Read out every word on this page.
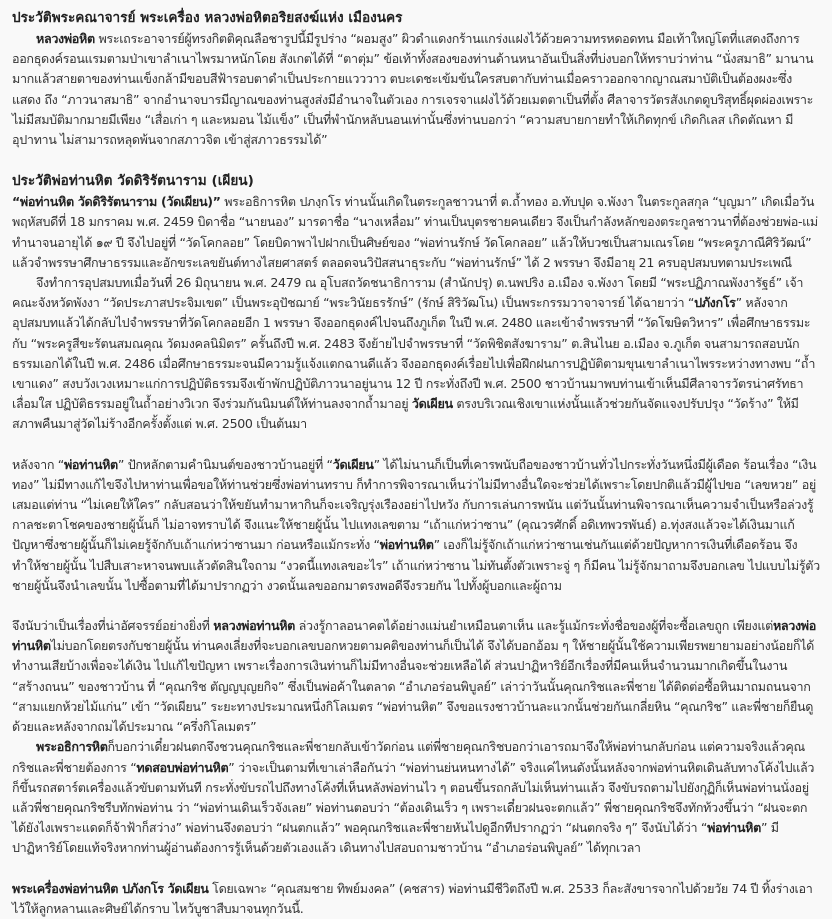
ประวัติพระคณาจารย์ พระเครื่อง หลวงพ่อหิตอริยสงฆ์แห่ง เมืองนคร

หลวงพ่อหิต พระเถระอาจารย์ผู้ทรงกิตติคุณลือชารูปนี้มีรูปร่าง “ผอมสูง” ผิวดำแดงกร้านแกร่งแฝงไว้ด้วยความทรหดอดทน มือเท้าใหญ่โตที่แสดงถึงการออกธุดงค์รอนแรมตามป่าเขาลำเนาไพรมาหนักโดย สังเกตได้ที่ “ตาตุ่ม” ข้อเท้าทั้งสองของท่านด้านหนาอันเป็นสิ่งที่บ่งบอกให้ทราบว่าท่าน “นั่งสมาธิ” มานานมากแล้วสายตาของท่านแข็งกล้ามีขอบสีฟ้ารอบตาดำเป็นประกายแวววาว ตบะเดชะเข้มข้นใครสบตากับท่านเมื่อคราวออกจากญาณสมาบัติเป็นต้องผงะซึ่งแสดง ถึง “ภาวนาสมาธิ” จากอำนาจบารมีญาณของท่านสูงส่งมีอำนาจในตัวเอง การเจรจาแฝงไว้ด้วยเมตตาเป็นที่ตั้ง ศีลาจารวัตรสังเกตดูบริสุทธิ์ผุดผ่องเพราะไม่มีสมบัติมากมายมีเพียง “เสื่อเก่า ๆ และหมอน ไม้แข็ง” เป็นที่พำนักหลับนอนเท่านั้นซึ่งท่านบอกว่า “ความสบายกายทำให้เกิดทุกข์ เกิดกิเลส เกิดตัณหา มีอุปาทาน ไม่สามารถหลุดพ้นจากสภาวจิต เข้าสู่สภาวธรรมได้”

ประวัติพ่อท่านหิต วัดดิริรัตนาราม (เผียน)

“พ่อท่านหิต วัดดิริรัตนาราม (วัดเผียน)” พระอธิการหิต ปภงฺกโร ท่านนั้นเกิดในตระกูลชาวนาที่ ต.ถ้ำทอง อ.ทับปุด จ.พังงา ในตระกูลสกุล “บุญมา” เกิดเมื่อวันพฤหัสบดีที่ 18 มกราคม พ.ศ. 2459 บิดาชื่อ “นายนอง” มารดาชื่อ “นางเหลื่อม” ท่านเป็นบุตรชายคนเดียว จึงเป็นกำลังหลักของตระกูลชาวนาที่ต้องช่วยพ่อ-แม่ทำนาจนอายุได้ ๑๙ ปี จึงไปอยู่ที่ “วัดโคกลอย” โดยบิดาพาไปฝากเป็นศิษย์ของ “พ่อท่านรักษ์ วัดโคกลอย” แล้วให้บวชเป็นสามเณรโดย “พระครูภาณีศิริวัฒน์” แล้วจำพรรษาศึกษาธรรมและอักขระเลขยันต์ทางไสยศาสตร์ ตลอดจนวิปัสสนาธุระกับ “พ่อท่านรักษ์” ได้ 2 พรรษา จึงมีอายุ 21 ครบอุปสมบทตามประเพณี

จึงทำการอุปสมบทเมื่อวันที่ 26 มิถุนายน พ.ศ. 2479 ณ อุโบสถวัดชนาธิการาม (สำนักปรุ) ต.นพปริง อ.เมือง จ.พังงา โดยมี “พระปฏิภาณพังงารัฐธ์” เจ้าคณะจังหวัดพังงา “วัดประภาสประจิมเขต” เป็นพระอุปัชฌาย์ “พระวินัยธรรักษ์” (รักษ์ สิริวัฒโน) เป็นพระกรรมวาจาจารย์ ได้ฉายาว่า “ปภังกโร” หลังจากอุปสมบทแล้วได้กลับไปจำพรรษาที่วัดโคกลอยอีก 1 พรรษา จึงออกธุดงค์ไปจนถึงภูเก็ต ในปี พ.ศ. 2480 และเข้าจำพรรษาที่ “วัดโฆษิตวิหาร” เพื่อศึกษาธรรมะกับ “พระครูสีขะรัตนสมณคุณ วัดมงคลนิมิตร” ครั้นถึงปี พ.ศ. 2483 จึงย้ายไปจำพรรษาที่ “วัดพิชิตสังฆาราม” ต.สินไนย อ.เมือง จ.ภูเก็ต จนสามารถสอบนักธรรมเอกได้ในปี พ.ศ. 2486 เมื่อศึกษาธรรมะจนมีความรู้แจ้งแตกฉานดีแล้ว จึงออกธุดงค์เรื่อยไปเพื่อฝึกฝนการปฏิบัติตามขุนเขาลำเนาไพรระหว่างทางพบ “ถ้ำเขาแดง” สงบวังเวงเหมาะแก่การปฏิบัติธรรมจึงเข้าพักปฏิบัติภาวนาอยู่นาน 12 ปี กระทั่งถึงปี พ.ศ. 2500 ชาวบ้านมาพบท่านเข้าเห็นมีศีลาจารวัตรน่าศรัทธาเลื่อมใส ปฏิบัติธรรมอยู่ในถ้ำอย่างวิเวก จึงร่วมกันนิมนต์ให้ท่านลงจากถ้ำมาอยู่ วัดเผียน ตรงบริเวณเชิงเขาแห่งนั้นแล้วช่วยกันจัดแจงปรับปรุง “วัดร้าง” ให้มีสภาพคืนมาสู่วัดไม่ร้างอีกครั้งตั้งแต่ พ.ศ. 2500 เป็นต้นมา

หลังจาก “พ่อท่านหิต” ปักหลักตามคำนิมนต์ของชาวบ้านอยู่ที่ “วัดเผียน” ได้ไม่นานก็เป็นที่เคารพนับถือของชาวบ้านทั่วไปกระทั่งวันหนึ่งมีผู้เดือด ร้อนเรื่อง “เงินทอง” ไม่มีทางแก้ไขจึงไปหาท่านเพื่อขอให้ท่านช่วยซึ่งพ่อท่านทราบ ก็ทำการพิจารณาเห็นว่าไม่มีทางอื่นใดจะช่วยได้เพราะโดยปกติแล้วมีผู้ไปขอ “เลขหวย” อยู่เสมอแต่ท่าน “ไม่เคยให้ใคร” กลับสอนว่าให้ขยันทำมาหากินก็จะเจริญรุ่งเรืองอย่าไปหวัง กับการเล่นการพนัน แต่วันนั้นท่านพิจารณาเห็นความจำเป็นหรือล่วงรู้กาลชะตาโชคของชายผู้นั้นก็ ไม่อาจทราบได้ จึงแนะให้ชายผู้นั้น ไปแทงเลขตาม “เถ้าแก่หว่าซาน” (คุณวรศักดิ์ อดิเทพวรพันธ์) อ.ทุ่งสงแล้วจะได้เงินมาแก้ปัญหาซึ่งชายผู้นั้นก็ไม่เคยรู้จักกับเถ้าแก่หว่าซานมา ก่อนหรือแม้กระทั่ง “พ่อท่านหิต” เองก็ไม่รู้จักเถ้าแก่หว่าซานเช่นกันแต่ด้วยปัญหาการเงินที่เดือดร้อน จึงทำให้ชายผู้นั้น ไปสืบเสาะหาจนพบแล้วตัดสินใจถาม “งวดนี้แทงเลขอะไร” เถ้าแก่หว่าซาน ไม่ทันตั้งตัวเพราะจู่ ๆ ก็มีคน ไม่รู้จักมาถามจึงบอกเลข ไปแบบไม่รู้ตัว ชายผู้นั้นจึงนำเลขนั้น ไปซื้อตามที่ได้มาปรากฏว่า งวดนั้นเลขออกมาตรงพอดีจึงรวยกัน ไปทั้งผู้บอกและผู้ถาม

จึงนับว่าเป็นเรื่องที่น่าอัศจรรย์อย่างยิ่งที่ หลวงพ่อท่านหิต ล่วงรู้กาลอนาคตได้อย่างแม่นยำเหมือนตาเห็น และรู้แม้กระทั่งชื่อของผู้ที่จะซื้อเลขถูก เพียงแต่หลวงพ่อท่านหิตไม่บอกโดยตรงกับชายผู้นั้น ท่านคงเลี่ยงที่จะบอกเลขบอกหวยตามคติของท่านก็เป็นได้ จึงได้บอกอ้อม ๆ ให้ชายผู้นั้นใช้ความเพียรพยายามอย่างน้อยก็ได้ทำงานเสียบ้างเพื่อจะได้เงิน ไปแก้ไขปัญหา เพราะเรื่องการเงินท่านก็ไม่มีทางอื่นจะช่วยเหลือได้ ส่วนปาฏิหาริย์อีกเรื่องที่มีคนเห็นจำนวนมากเกิดขึ้นในงาน “สร้างถนน” ของชาวบ้าน ที่ “คุณกริช ตัญญบุญยกิจ” ซึ่งเป็นพ่อค้าในตลาด “อำเภอร่อนพิบูลย์” เล่าว่าวันนั้นคุณกริชและพี่ชาย ได้ติดต่อซื้อหินมาถมถนนจาก “สามแยกห้วยไม้แก่น” เข้า “วัดเผียน” ระยะทางประมาณหนึ่งกิโลเมตร “พ่อท่านหิต” จึงขอแรงชาวบ้านละแวกนั้นช่วยกันเกลี่ยหิน “คุณกริช” และพี่ชายก็ยืนดูด้วยและหลังจากถมได้ประมาณ “ครึ่งกิโลเมตร”

พระอธิการหิตก็บอกว่าเดี๋ยวฝนตกจึงชวนคุณกริชและพี่ชายกลับเข้าวัดก่อน แต่พี่ชายคุณกริชบอกว่าเอารถมาจึงให้พ่อท่านกลับก่อน แต่ความจริงแล้วคุณกริชและพี่ชายต้องการ “ทดสอบพ่อท่านหิต” ว่าจะเป็นตามที่เขาเล่าลือกันว่า “พ่อท่านย่นหนทางได้” จริงแค่ไหนดังนั้นหลังจากพ่อท่านหิตเดินลับทางโค้งไปแล้ว ก็ขึ้นรถสตาร์ตเครื่องแล้วขับตามทันที กระทั่งขับรถไปถึงทางโค้งที่เห็นหลังพ่อท่านไว ๆ ตอนขึ้นรถกลับไม่เห็นท่านแล้ว จึงขับรถตามไปยังกุฏิก็เห็นพ่อท่านนั่งอยู่แล้วพี่ชายคุณกริชรีบทักพ่อท่าน ว่า “พ่อท่านเดินเร็วจังเลย” พ่อท่านตอบว่า “ต้องเดินเร็ว ๆ เพราะเดี๋ยวฝนจะตกแล้ว” พี่ชายคุณกริชจึงทักท้วงขึ้นว่า “ฝนจะตกได้ยังไงเพราะแดดก็จ้าฟ้าก็สว่าง” พ่อท่านจึงตอบว่า “ฝนตกแล้ว” พอคุณกริชและพี่ชายหันไปดูอีกทีปรากฏว่า “ฝนตกจริง ๆ” จึงนับได้ว่า “พ่อท่านหิต” มีปาฏิหาริย์โดยแท้จริงหากท่านผู้อ่านต้องการรู้เห็นด้วยตัวเองแล้ว เดินทางไปสอบถามชาวบ้าน “อำเภอร่อนพิบูลย์” ได้ทุกเวลา

พระเครื่องพ่อท่านหิต ปภังกโร วัดเผียน โดยเฉพาะ “คุณสมชาย ทิพย์มงคล” (คชสาร) พ่อท่านมีชีวิตถึงปี พ.ศ. 2533 ก็ละสังขารจากไปด้วยวัย 74 ปี ทิ้งร่างเอาไว้ให้ลูกหลานและศิษย์ได้กราบ ไหว้บูชาสืบมาจนทุกวันนี้.
